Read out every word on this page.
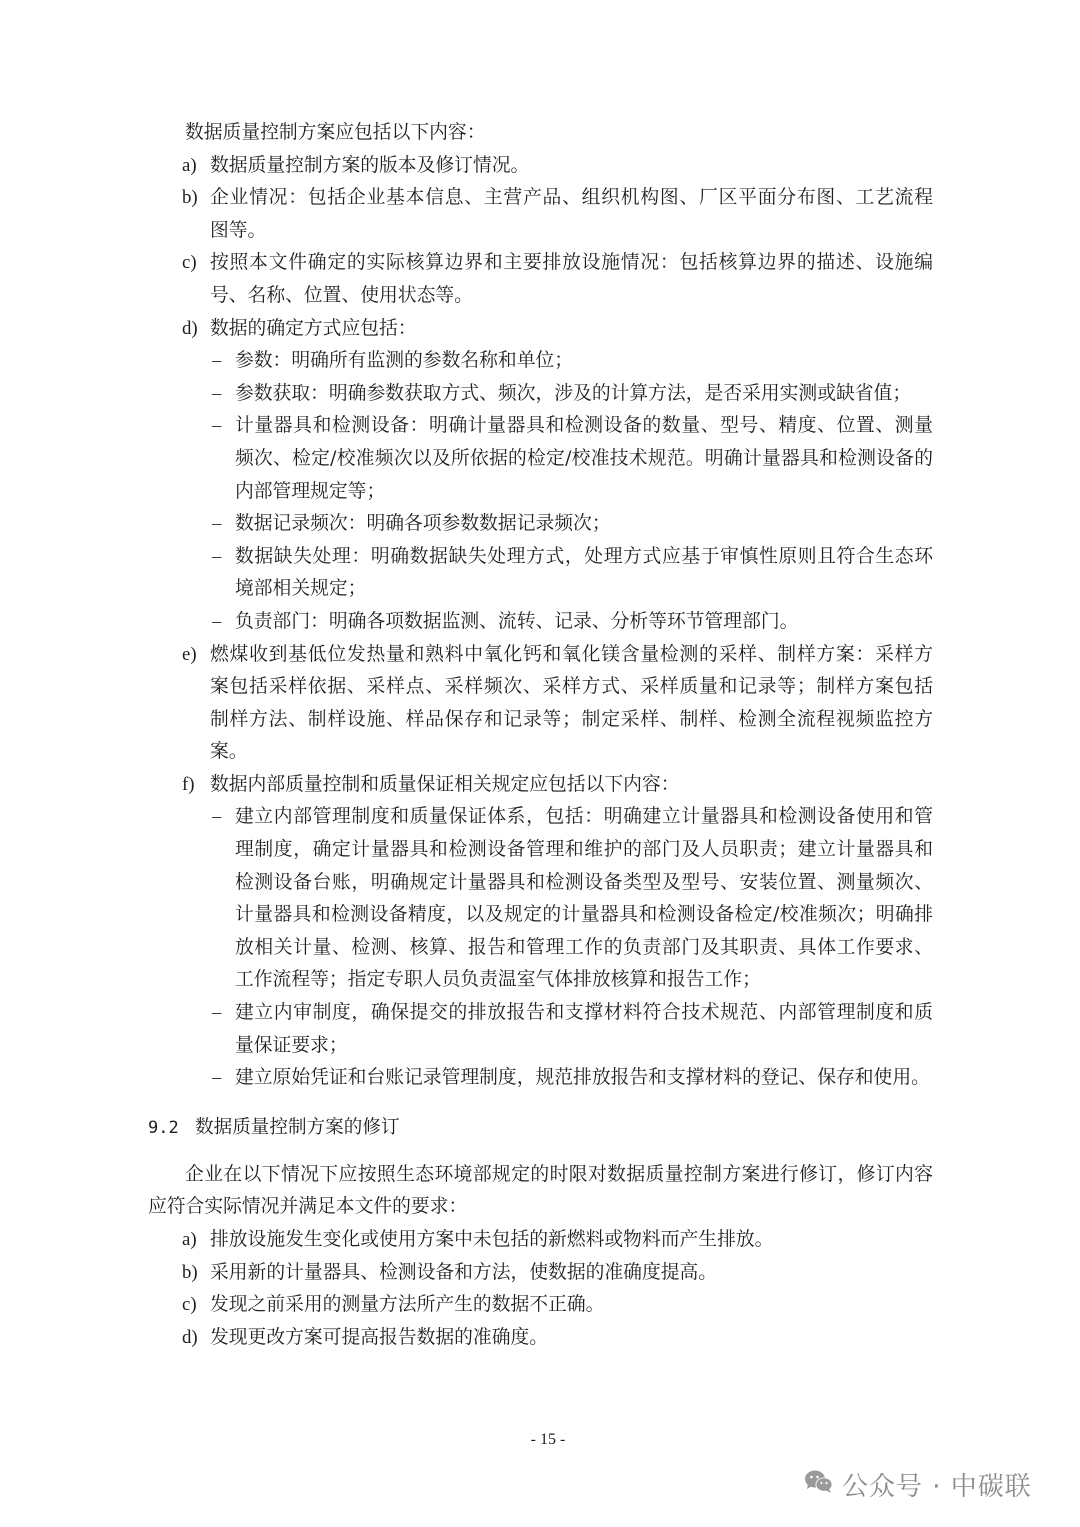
数据质量控制方案应包括以下内容：
a) 数据质量控制方案的版本及修订情况。
b) 企业情况：包括企业基本信息、主营产品、组织机构图、厂区平面分布图、工艺流程
图等。
c) 按照本文件确定的实际核算边界和主要排放设施情况：包括核算边界的描述、设施编
号、名称、位置、使用状态等。
d) 数据的确定方式应包括：
– 参数：明确所有监测的参数名称和单位；
– 参数获取：明确参数获取方式、频次，涉及的计算方法，是否采用实测或缺省值；
– 计量器具和检测设备：明确计量器具和检测设备的数量、型号、精度、位置、测量
频次、检定/校准频次以及所依据的检定/校准技术规范。明确计量器具和检测设备的
内部管理规定等；
– 数据记录频次：明确各项参数数据记录频次；
– 数据缺失处理：明确数据缺失处理方式，处理方式应基于审慎性原则且符合生态环
境部相关规定；
– 负责部门：明确各项数据监测、流转、记录、分析等环节管理部门。
e) 燃煤收到基低位发热量和熟料中氧化钙和氧化镁含量检测的采样、制样方案：采样方
案包括采样依据、采样点、采样频次、采样方式、采样质量和记录等；制样方案包括
制样方法、制样设施、样品保存和记录等；制定采样、制样、检测全流程视频监控方
案。
f) 数据内部质量控制和质量保证相关规定应包括以下内容：
– 建立内部管理制度和质量保证体系，包括：明确建立计量器具和检测设备使用和管
理制度，确定计量器具和检测设备管理和维护的部门及人员职责；建立计量器具和
检测设备台账，明确规定计量器具和检测设备类型及型号、安装位置、测量频次、
计量器具和检测设备精度，以及规定的计量器具和检测设备检定/校准频次；明确排
放相关计量、检测、核算、报告和管理工作的负责部门及其职责、具体工作要求、
工作流程等；指定专职人员负责温室气体排放核算和报告工作；
– 建立内审制度，确保提交的排放报告和支撑材料符合技术规范、内部管理制度和质
量保证要求；
– 建立原始凭证和台账记录管理制度，规范排放报告和支撑材料的登记、保存和使用。
9.2 数据质量控制方案的修订
企业在以下情况下应按照生态环境部规定的时限对数据质量控制方案进行修订，修订内容
应符合实际情况并满足本文件的要求：
a) 排放设施发生变化或使用方案中未包括的新燃料或物料而产生排放。
b) 采用新的计量器具、检测设备和方法，使数据的准确度提高。
c) 发现之前采用的测量方法所产生的数据不正确。
d) 发现更改方案可提高报告数据的准确度。
- 15 -
公众号 · 中碳联
